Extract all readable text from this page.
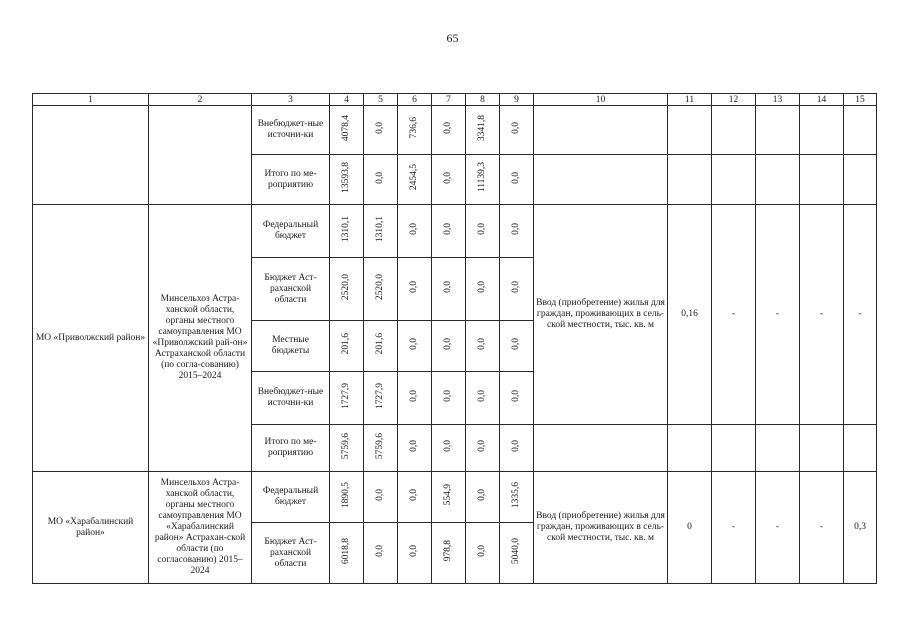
65
1	2	3	4	5	6	7	8	9	10	11	12	13	14	15
		Внебюджет-ные источни-ки	4078,4	0,0	736,6	0,0	3341,8	0,0						
		Итого по ме-роприятию	13593,8	0,0	2454,5	0,0	11139,3	0,0						
МО «Приволжский район»	Минсельхоз Астра-ханской области, органы местного самоуправления МО «Приволжский рай-он» Астраханской области (по согла-сованию) 2015–2024	Федеральный бюджет	1310,1	1310,1	0,0	0,0	0,0	0,0	Ввод (приобретение) жилья для граждан, проживающих в сель-ской местности, тыс. кв. м	0,16	-	-	-	-
		Бюджет Аст-раханской области	2520,0	2520,0	0,0	0,0	0,0	0,0						
		Местные бюджеты	201,6	201,6	0,0	0,0	0,0	0,0						
		Внебюджет-ные источни-ки	1727,9	1727,9	0,0	0,0	0,0	0,0						
		Итого по ме-роприятию	5759,6	5759,6	0,0	0,0	0,0	0,0						
МО «Харабалинский район»	Минсельхоз Астра-ханской области, органы местного самоуправления МО «Харабалинский район» Астрахан-ской области (по согласованию) 2015–2024	Федеральный бюджет	1890,5	0,0	0,0	554,9	0,0	1335,6	Ввод (приобретение) жилья для граждан, проживающих в сель-ской местности, тыс. кв. м	0	-	-	-	0,3
		Бюджет Аст-раханской области	6018,8	0,0	0,0	978,8	0,0	5040,0						
